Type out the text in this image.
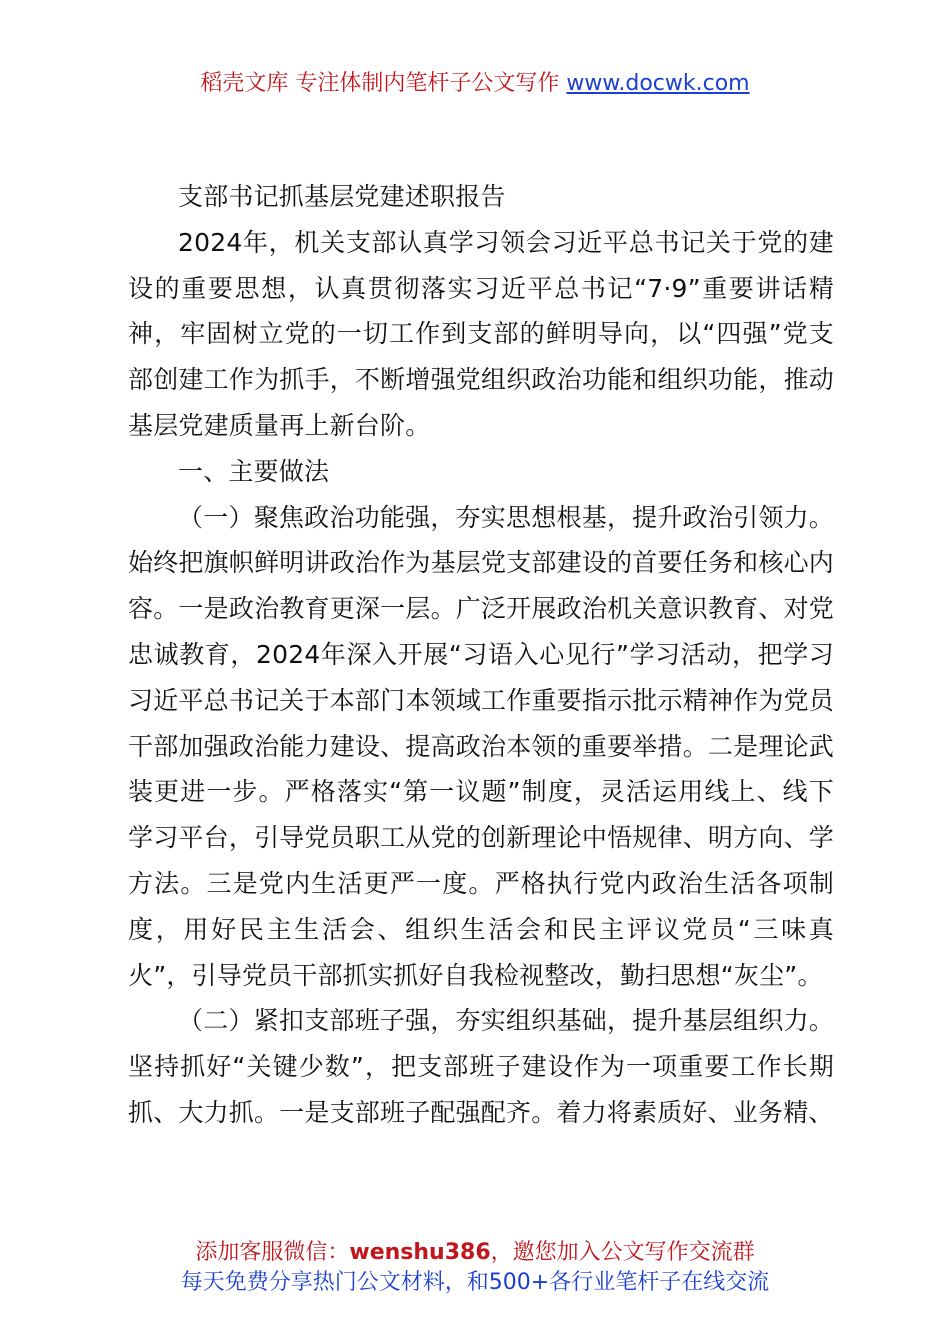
稻壳文库 专注体制内笔杆子公文写作 www.docwk.com

支部书记抓基层党建述职报告

2024年，机关支部认真学习领会习近平总书记关于党的建设的重要思想，认真贯彻落实习近平总书记“7·9”重要讲话精神，牢固树立党的一切工作到支部的鲜明导向，以“四强”党支部创建工作为抓手，不断增强党组织政治功能和组织功能，推动基层党建质量再上新台阶。

一、主要做法

（一）聚焦政治功能强，夯实思想根基，提升政治引领力。始终把旗帜鲜明讲政治作为基层党支部建设的首要任务和核心内容。一是政治教育更深一层。广泛开展政治机关意识教育、对党忠诚教育，2024年深入开展“习语入心见行”学习活动，把学习习近平总书记关于本部门本领域工作重要指示批示精神作为党员干部加强政治能力建设、提高政治本领的重要举措。二是理论武装更进一步。严格落实“第一议题”制度，灵活运用线上、线下学习平台，引导党员职工从党的创新理论中悟规律、明方向、学方法。三是党内生活更严一度。严格执行党内政治生活各项制度，用好民主生活会、组织生活会和民主评议党员“三味真火”，引导党员干部抓实抓好自我检视整改，勤扫思想“灰尘”。

（二）紧扣支部班子强，夯实组织基础，提升基层组织力。坚持抓好“关键少数”，把支部班子建设作为一项重要工作长期抓、大力抓。一是支部班子配强配齐。着力将素质好、业务精、

添加客服微信：wenshu386，邀您加入公文写作交流群
每天免费分享热门公文材料，和500+各行业笔杆子在线交流
